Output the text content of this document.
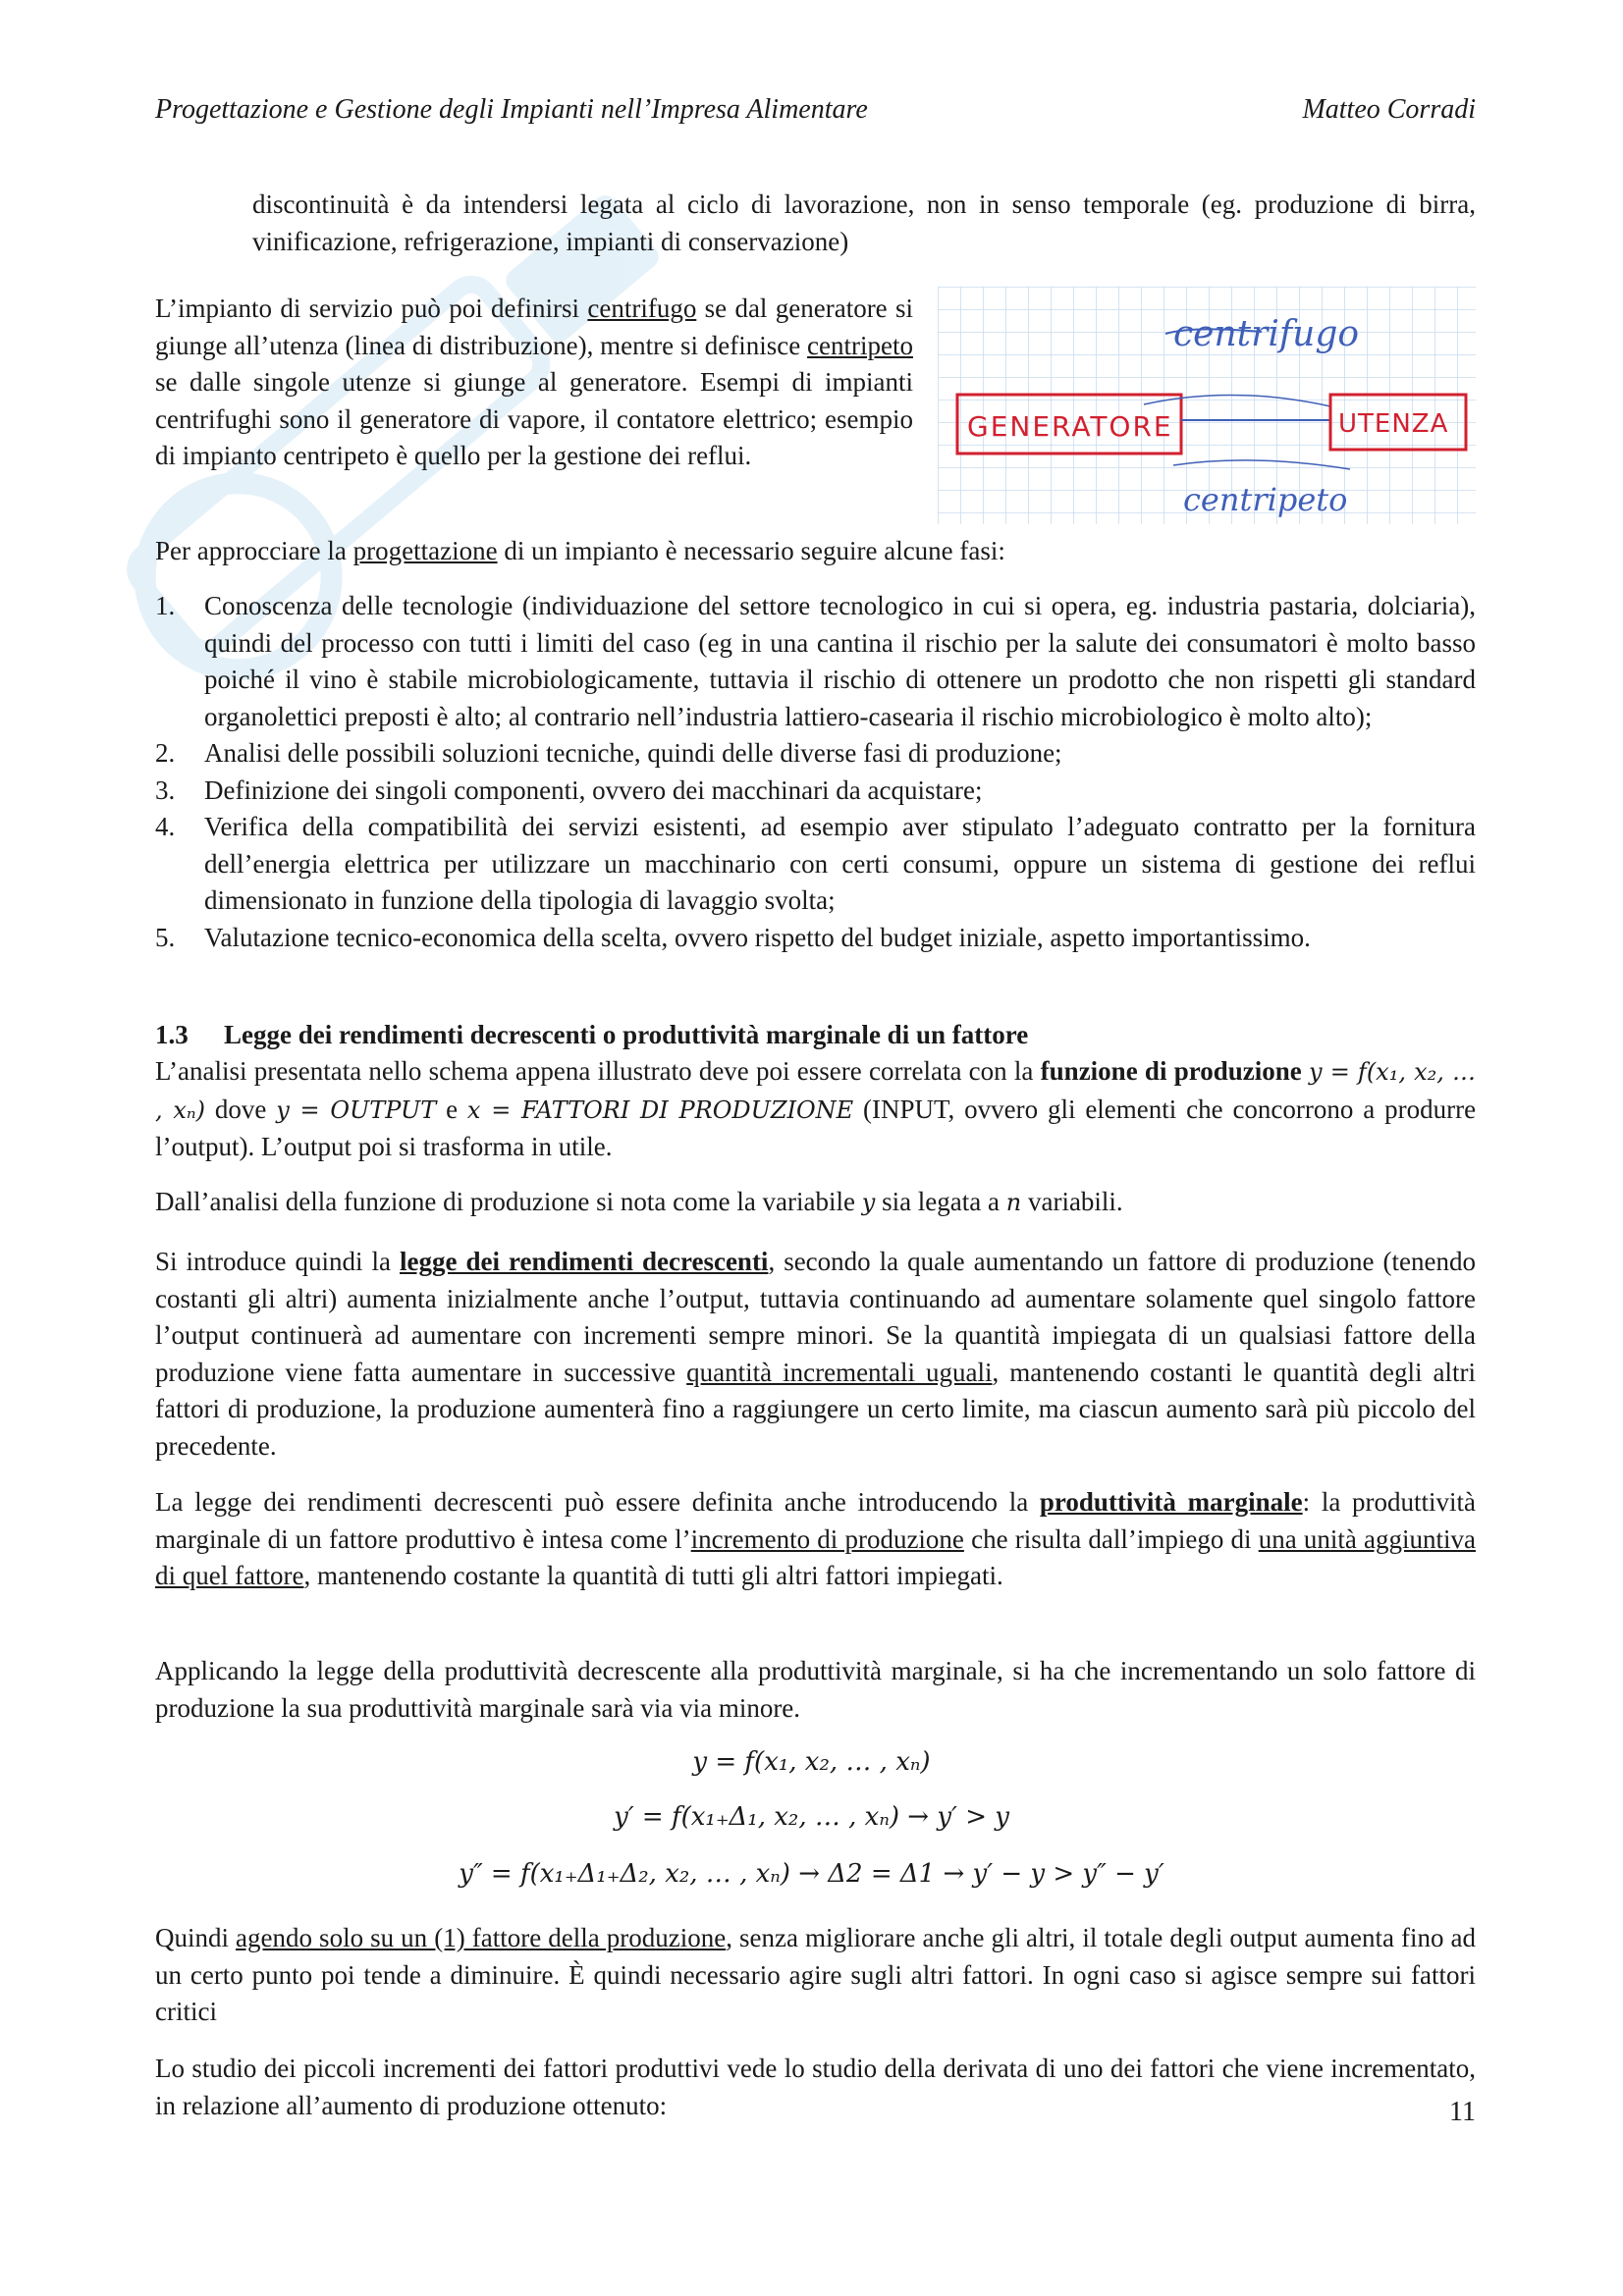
Progettazione e Gestione degli Impianti nell’Impresa Alimentare	Matteo Corradi
discontinuità è da intendersi legata al ciclo di lavorazione, non in senso temporale (eg. produzione di birra, vinificazione, refrigerazione, impianti di conservazione)
L’impianto di servizio può poi definirsi centrifugo se dal generatore si giunge all’utenza (linea di distribuzione), mentre si definisce centripeto se dalle singole utenze si giunge al generatore. Esempi di impianti centrifughi sono il generatore di vapore, il contatore elettrico; esempio di impianto centripeto è quello per la gestione dei reflui.
centrifugo
GENERATORE	UTENZA
centripeto
Per approcciare la progettazione di un impianto è necessario seguire alcune fasi:
1. Conoscenza delle tecnologie (individuazione del settore tecnologico in cui si opera, eg. industria pastaria, dolciaria), quindi del processo con tutti i limiti del caso (eg in una cantina il rischio per la salute dei consumatori è molto basso poiché il vino è stabile microbiologicamente, tuttavia il rischio di ottenere un prodotto che non rispetti gli standard organolettici preposti è alto; al contrario nell’industria lattiero-casearia il rischio microbiologico è molto alto);
2. Analisi delle possibili soluzioni tecniche, quindi delle diverse fasi di produzione;
3. Definizione dei singoli componenti, ovvero dei macchinari da acquistare;
4. Verifica della compatibilità dei servizi esistenti, ad esempio aver stipulato l’adeguato contratto per la fornitura dell’energia elettrica per utilizzare un macchinario con certi consumi, oppure un sistema di gestione dei reflui dimensionato in funzione della tipologia di lavaggio svolta;
5. Valutazione tecnico-economica della scelta, ovvero rispetto del budget iniziale, aspetto importantissimo.
1.3 Legge dei rendimenti decrescenti o produttività marginale di un fattore
L’analisi presentata nello schema appena illustrato deve poi essere correlata con la funzione di produzione y = f(x₁, x₂, … , xₙ) dove y = OUTPUT e x = FATTORI DI PRODUZIONE (INPUT, ovvero gli elementi che concorrono a produrre l’output). L’output poi si trasforma in utile.
Dall’analisi della funzione di produzione si nota come la variabile y sia legata a n variabili.
Si introduce quindi la legge dei rendimenti decrescenti, secondo la quale aumentando un fattore di produzione (tenendo costanti gli altri) aumenta inizialmente anche l’output, tuttavia continuando ad aumentare solamente quel singolo fattore l’output continuerà ad aumentare con incrementi sempre minori. Se la quantità impiegata di un qualsiasi fattore della produzione viene fatta aumentare in successive quantità incrementali uguali, mantenendo costanti le quantità degli altri fattori di produzione, la produzione aumenterà fino a raggiungere un certo limite, ma ciascun aumento sarà più piccolo del precedente.
La legge dei rendimenti decrescenti può essere definita anche introducendo la produttività marginale: la produttività marginale di un fattore produttivo è intesa come l’incremento di produzione che risulta dall’impiego di una unità aggiuntiva di quel fattore, mantenendo costante la quantità di tutti gli altri fattori impiegati.
Applicando la legge della produttività decrescente alla produttività marginale, si ha che incrementando un solo fattore di produzione la sua produttività marginale sarà via via minore.
y = f(x₁, x₂, … , xₙ)
y′ = f(x₁₊Δ₁, x₂, … , xₙ) → y′ > y
y″ = f(x₁₊Δ₁₊Δ₂, x₂, … , xₙ) → Δ2 = Δ1 → y′ − y > y″ − y′
Quindi agendo solo su un (1) fattore della produzione, senza migliorare anche gli altri, il totale degli output aumenta fino ad un certo punto poi tende a diminuire. È quindi necessario agire sugli altri fattori. In ogni caso si agisce sempre sui fattori critici
Lo studio dei piccoli incrementi dei fattori produttivi vede lo studio della derivata di uno dei fattori che viene incrementato, in relazione all’aumento di produzione ottenuto:	11
